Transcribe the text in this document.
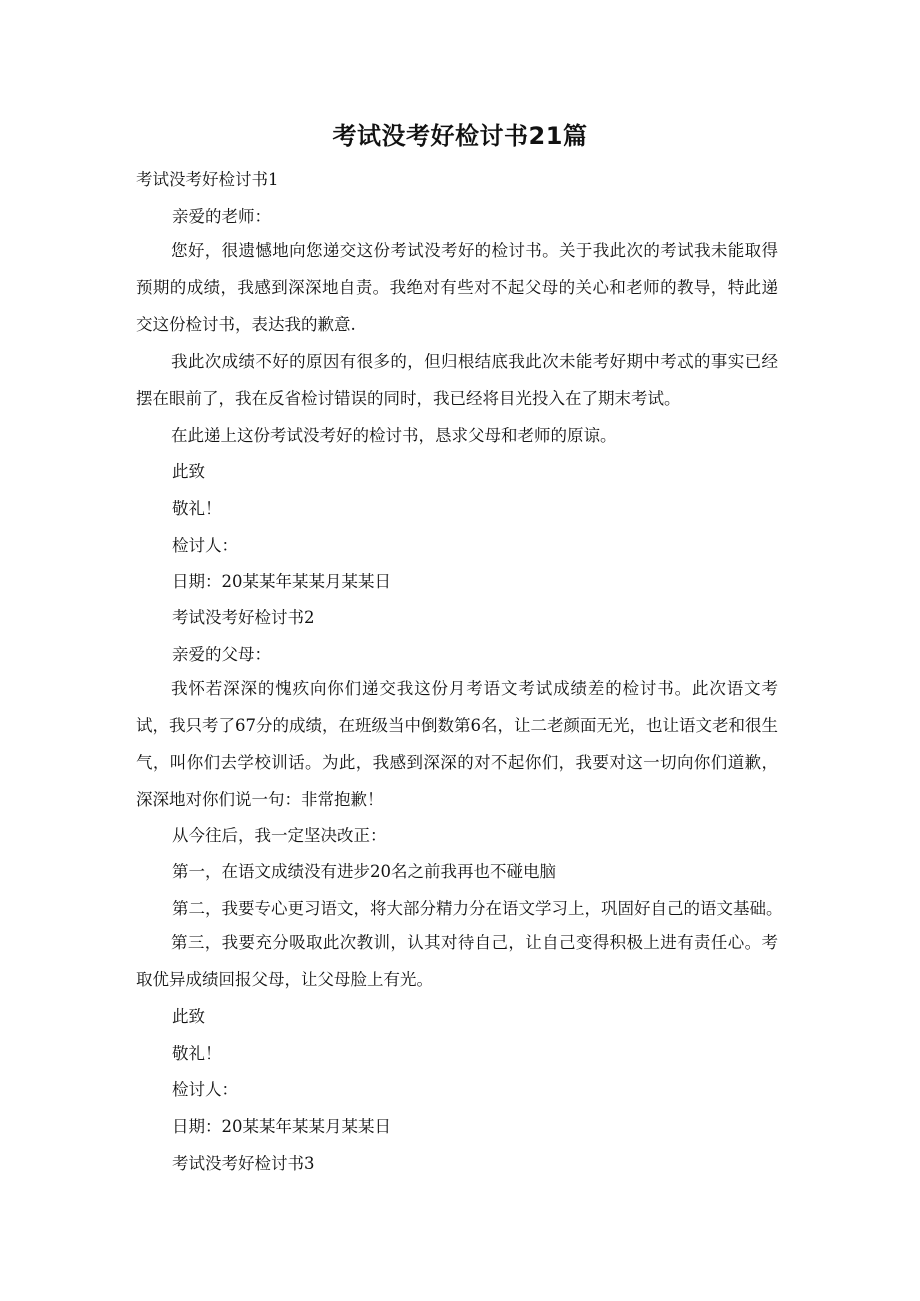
考试没考好检讨书21篇
考试没考好检讨书1
亲爱的老师：
您好，很遗憾地向您递交这份考试没考好的检讨书。关于我此次的考试我未能取得预期的成绩，我感到深深地自责。我绝对有些对不起父母的关心和老师的教导，特此递交这份检讨书，表达我的歉意.
我此次成绩不好的原因有很多的，但归根结底我此次未能考好期中考忒的事实已经摆在眼前了，我在反省检讨错误的同时，我已经将目光投入在了期末考试。
在此递上这份考试没考好的检讨书，恳求父母和老师的原谅。
此致
敬礼！
检讨人：
日期：20某某年某某月某某日
考试没考好检讨书2
亲爱的父母：
我怀若深深的愧疚向你们递交我这份月考语文考试成绩差的检讨书。此次语文考试，我只考了67分的成绩，在班级当中倒数第6名，让二老颜面无光，也让语文老和很生气，叫你们去学校训话。为此，我感到深深的对不起你们，我要对这一切向你们道歉，深深地对你们说一句：非常抱歉！
从今往后，我一定坚决改正：
第一，在语文成绩没有进步20名之前我再也不碰电脑
第二，我要专心更习语文，将大部分精力分在语文学习上，巩固好自己的语文基础。
第三，我要充分吸取此次教训，认其对待自己，让自己变得积极上进有责任心。考取优异成绩回报父母，让父母脸上有光。
此致
敬礼！
检讨人：
日期：20某某年某某月某某日
考试没考好检讨书3
